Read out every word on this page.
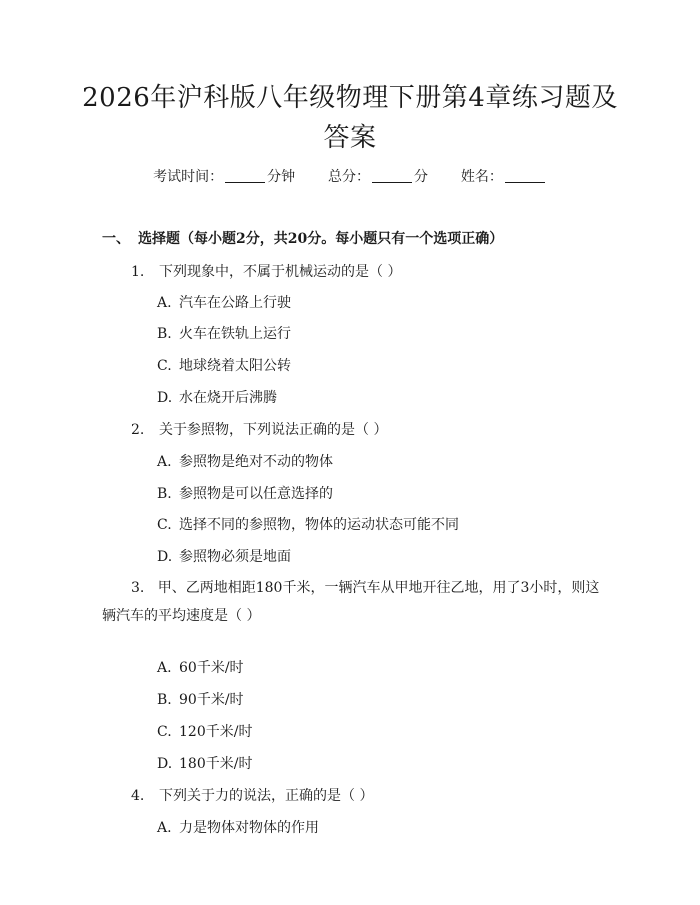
2026年沪科版八年级物理下册第4章练习题及答案
考试时间：	分钟 总分：	分 姓名：
一、 选择题（每小题2分，共20分。每小题只有一个选项正确）
1. 下列现象中，不属于机械运动的是（ ）
A. 汽车在公路上行驶
B. 火车在铁轨上运行
C. 地球绕着太阳公转
D. 水在烧开后沸腾
2. 关于参照物，下列说法正确的是（ ）
A. 参照物是绝对不动的物体
B. 参照物是可以任意选择的
C. 选择不同的参照物，物体的运动状态可能不同
D. 参照物必须是地面
3. 甲、乙两地相距180千米，一辆汽车从甲地开往乙地，用了3小时，则这辆汽车的平均速度是（ ）
A. 60千米/时
B. 90千米/时
C. 120千米/时
D. 180千米/时
4. 下列关于力的说法，正确的是（ ）
A. 力是物体对物体的作用
